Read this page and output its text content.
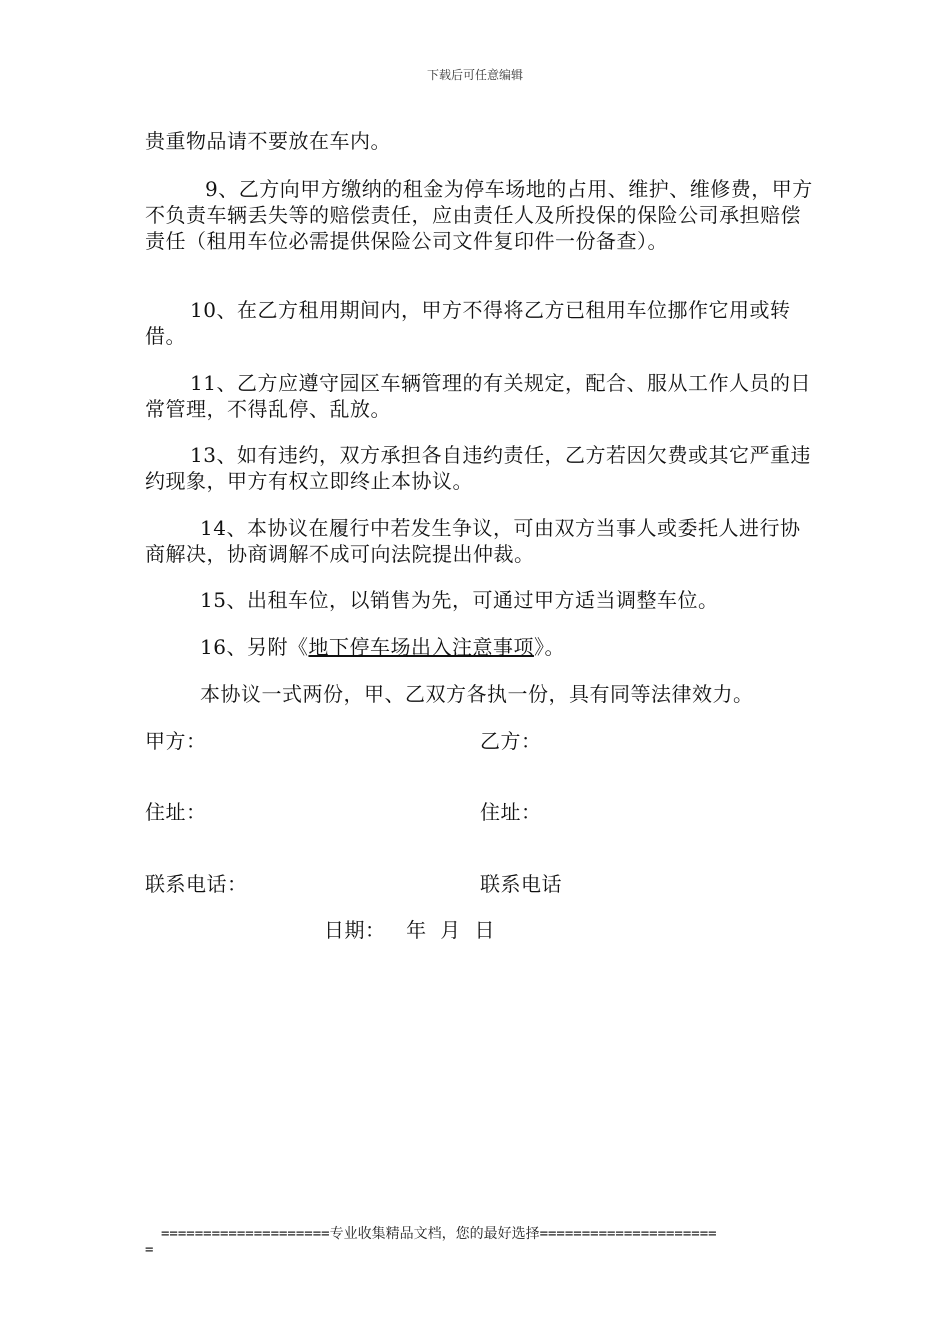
下载后可任意编辑

贵重物品请不要放在车内。

9、乙方向甲方缴纳的租金为停车场地的占用、维护、维修费，甲方不负责车辆丢失等的赔偿责任，应由责任人及所投保的保险公司承担赔偿责任（租用车位必需提供保险公司文件复印件一份备查）。

10、在乙方租用期间内，甲方不得将乙方已租用车位挪作它用或转借。

11、乙方应遵守园区车辆管理的有关规定，配合、服从工作人员的日常管理，不得乱停、乱放。

13、如有违约，双方承担各自违约责任，乙方若因欠费或其它严重违约现象，甲方有权立即终止本协议。

14、本协议在履行中若发生争议，可由双方当事人或委托人进行协商解决，协商调解不成可向法院提出仲裁。

15、出租车位，以销售为先，可通过甲方适当调整车位。

16、另附《地下停车场出入注意事项》。

本协议一式两份，甲、乙双方各执一份，具有同等法律效力。

甲方：	乙方：

住址：	住址：

联系电话：	联系电话

日期：   年  月  日
====================专业收集精品文档，您的最好选择=====================
=
